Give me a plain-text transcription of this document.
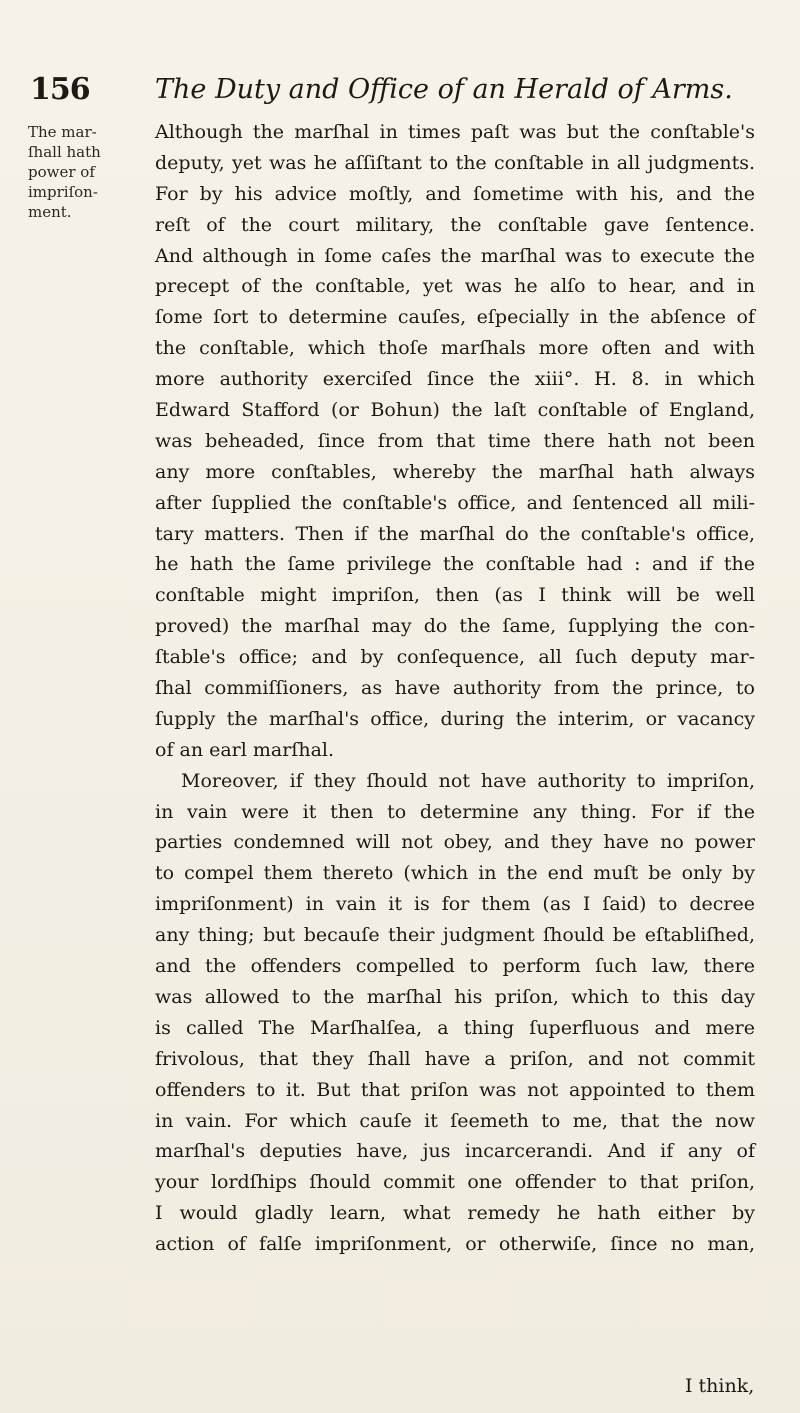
156 The Duty and Office of an Herald of Arms.
The mar-
ſhall hath
power of
impriſon-
ment.
Although the marſhal in times paſt was but the conſtable's
deputy, yet was he aſſiſtant to the conſtable in all judgments.
For by his advice moſtly, and ſometime with his, and the
reſt of the court military, the conſtable gave ſentence.
And although in ſome caſes the marſhal was to execute the
precept of the conſtable, yet was he alſo to hear, and in
ſome ſort to determine cauſes, eſpecially in the abſence of
the conſtable, which thoſe marſhals more often and with
more authority exerciſed ſince the xiii°. H. 8. in which
Edward Stafford (or Bohun) the laſt conſtable of England,
was beheaded, ſince from that time there hath not been
any more conſtables, whereby the marſhal hath always
after ſupplied the conſtable's office, and ſentenced all mili-
tary matters. Then if the marſhal do the conſtable's office,
he hath the ſame privilege the conſtable had : and if the
conſtable might impriſon, then (as I think will be well
proved) the marſhal may do the ſame, ſupplying the con-
ſtable's office; and by conſequence, all ſuch deputy mar-
ſhal commiſſioners, as have authority from the prince, to
ſupply the marſhal's office, during the interim, or vacancy
of an earl marſhal.
Moreover, if they ſhould not have authority to impriſon,
in vain were it then to determine any thing. For if the
parties condemned will not obey, and they have no power
to compel them thereto (which in the end muſt be only by
impriſonment) in vain it is for them (as I ſaid) to decree
any thing; but becauſe their judgment ſhould be eſtabliſhed,
and the offenders compelled to perform ſuch law, there
was allowed to the marſhal his priſon, which to this day
is called The Marſhalſea, a thing ſuperfluous and mere
frivolous, that they ſhall have a priſon, and not commit
offenders to it. But that priſon was not appointed to them
in vain. For which cauſe it ſeemeth to me, that the now
marſhal's deputies have, jus incarcerandi. And if any of
your lordſhips ſhould commit one offender to that priſon,
I would gladly learn, what remedy he hath either by
action of falſe impriſonment, or otherwiſe, ſince no man,
I think,
